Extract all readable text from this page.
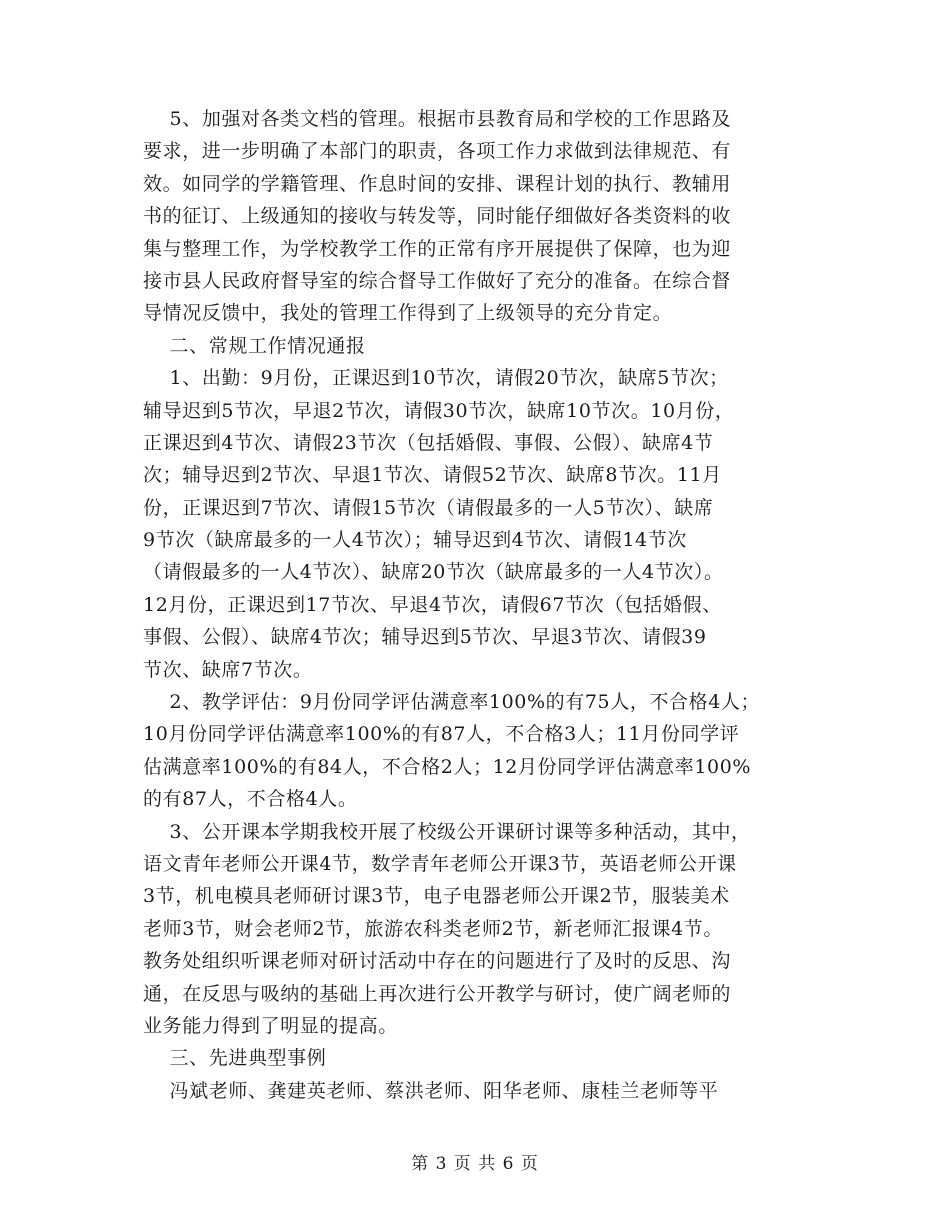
5、加强对各类文档的管理。根据市县教育局和学校的工作思路及
要求，进一步明确了本部门的职责，各项工作力求做到法律规范、有
效。如同学的学籍管理、作息时间的安排、课程计划的执行、教辅用
书的征订、上级通知的接收与转发等，同时能仔细做好各类资料的收
集与整理工作，为学校教学工作的正常有序开展提供了保障，也为迎
接市县人民政府督导室的综合督导工作做好了充分的准备。在综合督
导情况反馈中，我处的管理工作得到了上级领导的充分肯定。
二、常规工作情况通报
1、出勤：9月份，正课迟到10节次，请假20节次，缺席5节次；
辅导迟到5节次，早退2节次，请假30节次，缺席10节次。10月份，
正课迟到4节次、请假23节次（包括婚假、事假、公假）、缺席4节
次；辅导迟到2节次、早退1节次、请假52节次、缺席8节次。11月
份，正课迟到7节次、请假15节次（请假最多的一人5节次）、缺席
9节次（缺席最多的一人4节次）；辅导迟到4节次、请假14节次
（请假最多的一人4节次）、缺席20节次（缺席最多的一人4节次）。
12月份，正课迟到17节次、早退4节次，请假67节次（包括婚假、
事假、公假）、缺席4节次；辅导迟到5节次、早退3节次、请假39
节次、缺席7节次。
2、教学评估：9月份同学评估满意率100%的有75人，不合格4人；
10月份同学评估满意率100%的有87人，不合格3人；11月份同学评
估满意率100%的有84人，不合格2人；12月份同学评估满意率100%
的有87人，不合格4人。
3、公开课本学期我校开展了校级公开课研讨课等多种活动，其中，
语文青年老师公开课4节，数学青年老师公开课3节，英语老师公开课
3节，机电模具老师研讨课3节，电子电器老师公开课2节，服装美术
老师3节，财会老师2节，旅游农科类老师2节，新老师汇报课4节。
教务处组织听课老师对研讨活动中存在的问题进行了及时的反思、沟
通，在反思与吸纳的基础上再次进行公开教学与研讨，使广阔老师的
业务能力得到了明显的提高。
三、先进典型事例
冯斌老师、龚建英老师、蔡洪老师、阳华老师、康桂兰老师等平
第 3 页 共 6 页
